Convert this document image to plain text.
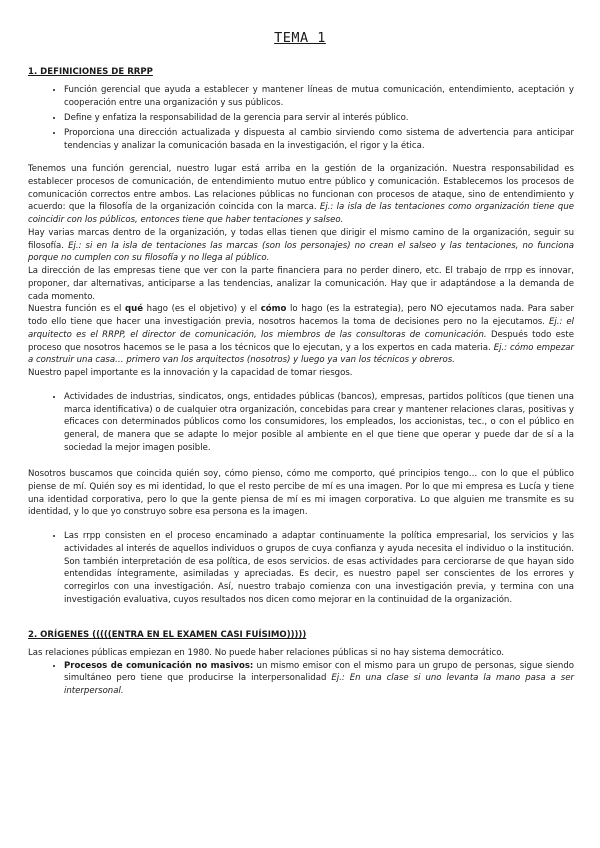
TEMA 1
1. DEFINICIONES DE RRPP
• Función gerencial que ayuda a establecer y mantener líneas de mutua comunicación, entendimiento, aceptación y cooperación entre una organización y sus públicos.
• Define y enfatiza la responsabilidad de la gerencia para servir al interés público.
• Proporciona una dirección actualizada y dispuesta al cambio sirviendo como sistema de advertencia para anticipar tendencias y analizar la comunicación basada en la investigación, el rigor y la ética.

Tenemos una función gerencial, nuestro lugar está arriba en la gestión de la organización. Nuestra responsabilidad es establecer procesos de comunicación, de entendimiento mutuo entre público y comunicación. Establecemos los procesos de comunicación correctos entre ambos. Las relaciones públicas no funcionan con procesos de ataque, sino de entendimiento y acuerdo: que la filosofía de la organización coincida con la marca. Ej.: la isla de las tentaciones como organización tiene que coincidir con los públicos, entonces tiene que haber tentaciones y salseo.

Hay varias marcas dentro de la organización, y todas ellas tienen que dirigir el mismo camino de la organización, seguir su filosofía. Ej.: si en la isla de tentaciones las marcas (son los personajes) no crean el salseo y las tentaciones, no funciona porque no cumplen con su filosofía y no llega al público.

La dirección de las empresas tiene que ver con la parte financiera para no perder dinero, etc. El trabajo de rrpp es innovar, proponer, dar alternativas, anticiparse a las tendencias, analizar la comunicación. Hay que ir adaptándose a la demanda de cada momento.

Nuestra función es el qué hago (es el objetivo) y el cómo lo hago (es la estrategia), pero NO ejecutamos nada. Para saber todo ello tiene que hacer una investigación previa, nosotros hacemos la toma de decisiones pero no la ejecutamos. Ej.: el arquitecto es el RRPP, el director de comunicación, los miembros de las consultoras de comunicación. Después todo este proceso que nosotros hacemos se le pasa a los técnicos que lo ejecutan, y a los expertos en cada materia. Ej.: cómo empezar a construir una casa… primero van los arquitectos (nosotros) y luego ya van los técnicos y obreros.

Nuestro papel importante es la innovación y la capacidad de tomar riesgos.

• Actividades de industrias, sindicatos, ongs, entidades públicas (bancos), empresas, partidos políticos (que tienen una marca identificativa) o de cualquier otra organización, concebidas para crear y mantener relaciones claras, positivas y eficaces con determinados públicos como los consumidores, los empleados, los accionistas, tec., o con el público en general, de manera que se adapte lo mejor posible al ambiente en el que tiene que operar y puede dar de sí a la sociedad la mejor imagen posible.

Nosotros buscamos que coincida quién soy, cómo pienso, cómo me comporto, qué principios tengo… con lo que el público piense de mí. Quién soy es mi identidad, lo que el resto percibe de mí es una imagen. Por lo que mi empresa es Lucía y tiene una identidad corporativa, pero lo que la gente piensa de mí es mi imagen corporativa. Lo que alguien me transmite es su identidad, y lo que yo construyo sobre esa persona es la imagen.

• Las rrpp consisten en el proceso encaminado a adaptar continuamente la política empresarial, los servicios y las actividades al interés de aquellos individuos o grupos de cuya confianza y ayuda necesita el individuo o la institución. Son también interpretación de esa política, de esos servicios. de esas actividades para cerciorarse de que hayan sido entendidas íntegramente, asimiladas y apreciadas. Es decir, es nuestro papel ser conscientes de los errores y corregirlos con una investigación. Así, nuestro trabajo comienza con una investigación previa, y termina con una investigación evaluativa, cuyos resultados nos dicen como mejorar en la continuidad de la organización.
2. ORÍGENES (((((ENTRA EN EL EXAMEN CASI FUÍSIMO)))))

Las relaciones públicas empiezan en 1980. No puede haber relaciones públicas si no hay sistema democrático.

• Procesos de comunicación no masivos: un mismo emisor con el mismo para un grupo de personas, sigue siendo simultáneo pero tiene que producirse la interpersonalidad Ej.: En una clase si uno levanta la mano pasa a ser interpersonal.
